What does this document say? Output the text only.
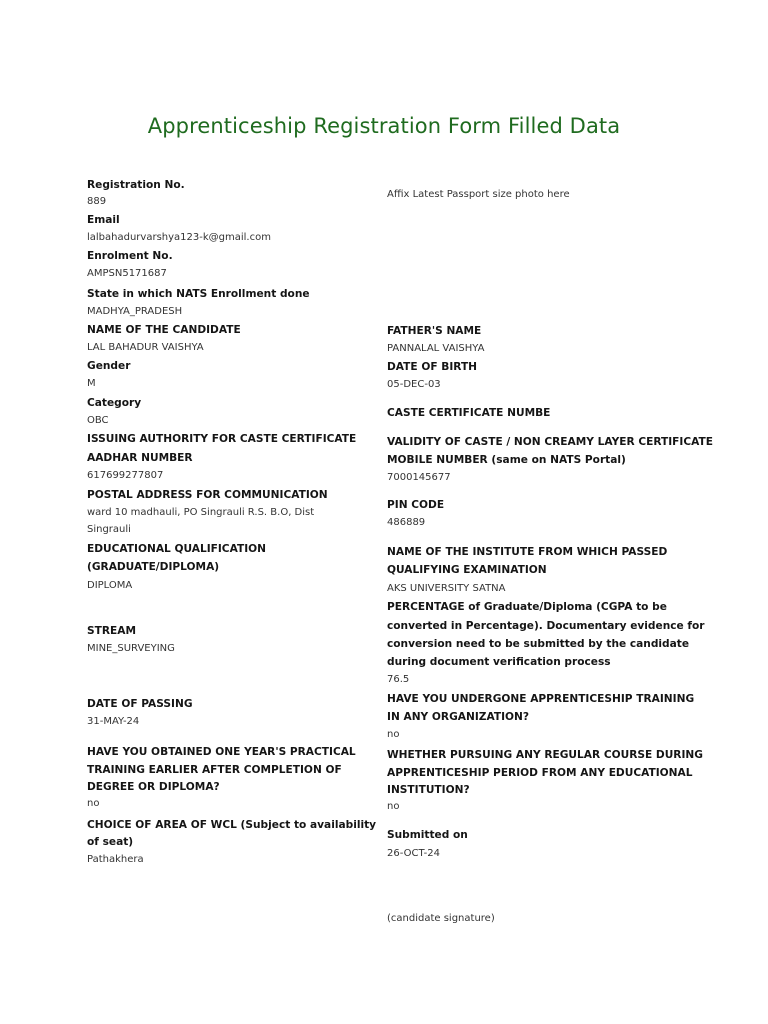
Apprenticeship Registration Form Filled Data
Registration No.
889
Email
lalbahadurvarshya123-k@gmail.com
Enrolment No.
AMPSN5171687
State in which NATS Enrollment done
MADHYA_PRADESH
NAME OF THE CANDIDATE
LAL BAHADUR VAISHYA
Gender
M
Category
OBC
ISSUING AUTHORITY FOR CASTE CERTIFICATE
AADHAR NUMBER
617699277807
POSTAL ADDRESS FOR COMMUNICATION
ward 10 madhauli, PO Singrauli R.S. B.O, Dist
Singrauli
EDUCATIONAL QUALIFICATION
(GRADUATE/DIPLOMA)
DIPLOMA
STREAM
MINE_SURVEYING
DATE OF PASSING
31-MAY-24
HAVE YOU OBTAINED ONE YEAR'S PRACTICAL
TRAINING EARLIER AFTER COMPLETION OF
DEGREE OR DIPLOMA?
no
CHOICE OF AREA OF WCL (Subject to availability
of seat)
Pathakhera
Affix Latest Passport size photo here
FATHER'S NAME
PANNALAL VAISHYA
DATE OF BIRTH
05-DEC-03
CASTE CERTIFICATE NUMBE
VALIDITY OF CASTE / NON CREAMY LAYER CERTIFICATE
MOBILE NUMBER (same on NATS Portal)
7000145677
PIN CODE
486889
NAME OF THE INSTITUTE FROM WHICH PASSED
QUALIFYING EXAMINATION
AKS UNIVERSITY SATNA
PERCENTAGE of Graduate/Diploma (CGPA to be
converted in Percentage). Documentary evidence for
conversion need to be submitted by the candidate
during document verification process
76.5
HAVE YOU UNDERGONE APPRENTICESHIP TRAINING
IN ANY ORGANIZATION?
no
WHETHER PURSUING ANY REGULAR COURSE DURING
APPRENTICESHIP PERIOD FROM ANY EDUCATIONAL
INSTITUTION?
no
Submitted on
26-OCT-24
(candidate signature)
